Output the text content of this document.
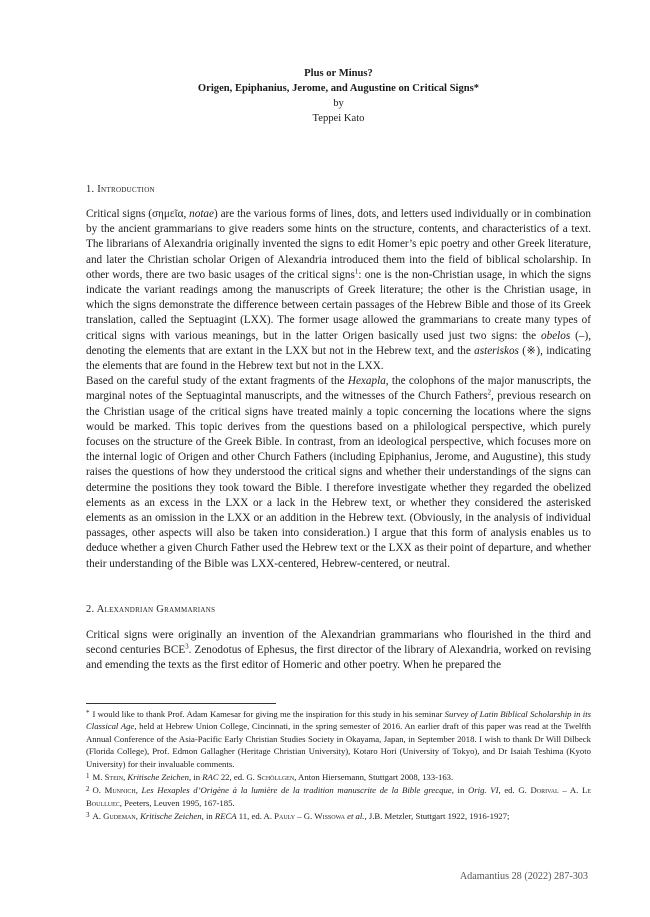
Plus or Minus?
Origen, Epiphanius, Jerome, and Augustine on Critical Signs*
by
Teppei Kato
1. Introduction

Critical signs (σημεῖα, notae) are the various forms of lines, dots, and letters used individually or in combination by the ancient grammarians to give readers some hints on the structure, contents, and characteristics of a text. The librarians of Alexandria originally invented the signs to edit Homer’s epic poetry and other Greek literature, and later the Christian scholar Origen of Alexandria introduced them into the field of biblical scholarship. In other words, there are two basic usages of the critical signs$^1$: one is the non-Christian usage, in which the signs indicate the variant readings among the manuscripts of Greek literature; the other is the Christian usage, in which the signs demonstrate the difference between certain passages of the Hebrew Bible and those of its Greek translation, called the Septuagint (LXX). The former usage allowed the grammarians to create many types of critical signs with various meanings, but in the latter Origen basically used just two signs: the obelos (–), denoting the elements that are extant in the LXX but not in the Hebrew text, and the asteriskos (※), indicating the elements that are found in the Hebrew text but not in the LXX.

Based on the careful study of the extant fragments of the Hexapla, the colophons of the major manuscripts, the marginal notes of the Septuagintal manuscripts, and the witnesses of the Church Fathers$^2$, previous research on the Christian usage of the critical signs have treated mainly a topic concerning the locations where the signs would be marked. This topic derives from the questions based on a philological perspective, which purely focuses on the structure of the Greek Bible. In contrast, from an ideological perspective, which focuses more on the internal logic of Origen and other Church Fathers (including Epiphanius, Jerome, and Augustine), this study raises the questions of how they understood the critical signs and whether their understandings of the signs can determine the positions they took toward the Bible. I therefore investigate whether they regarded the obelized elements as an excess in the LXX or a lack in the Hebrew text, or whether they considered the asterisked elements as an omission in the LXX or an addition in the Hebrew text. (Obviously, in the analysis of individual passages, other aspects will also be taken into consideration.) I argue that this form of analysis enables us to deduce whether a given Church Father used the Hebrew text or the LXX as their point of departure, and whether their understanding of the Bible was LXX-centered, Hebrew-centered, or neutral.

2. Alexandrian Grammarians

Critical signs were originally an invention of the Alexandrian grammarians who flourished in the third and second centuries BCE$^3$. Zenodotus of Ephesus, the first director of the library of Alexandria, worked on revising and emending the texts as the first editor of Homeric and other poetry. When he prepared the

* I would like to thank Prof. Adam Kamesar for giving me the inspiration for this study in his seminar Survey of Latin Biblical Scholarship in its Classical Age, held at Hebrew Union College, Cincinnati, in the spring semester of 2016. An earlier draft of this paper was read at the Twelfth Annual Conference of the Asia-Pacific Early Christian Studies Society in Okayama, Japan, in September 2018. I wish to thank Dr Will Dilbeck (Florida College), Prof. Edmon Gallagher (Heritage Christian University), Kotaro Hori (University of Tokyo), and Dr Isaiah Teshima (Kyoto University) for their invaluable comments.

$^1$ M. Stein, Kritische Zeichen, in RAC 22, ed. G. Schöllgen, Anton Hiersemann, Stuttgart 2008, 133-163.

$^2$ O. Munnich, Les Hexaples d’Origène à la lumière de la tradition manuscrite de la Bible grecque, in Orig. VI, ed. G. Dorival – A. Le Boulluec, Peeters, Leuven 1995, 167-185.

$^3$ A. Gudeman, Kritische Zeichen, in RECA 11, ed. A. Pauly – G. Wissowa et al., J.B. Metzler, Stuttgart 1922, 1916-1927;

Adamantius 28 (2022) 287-303
